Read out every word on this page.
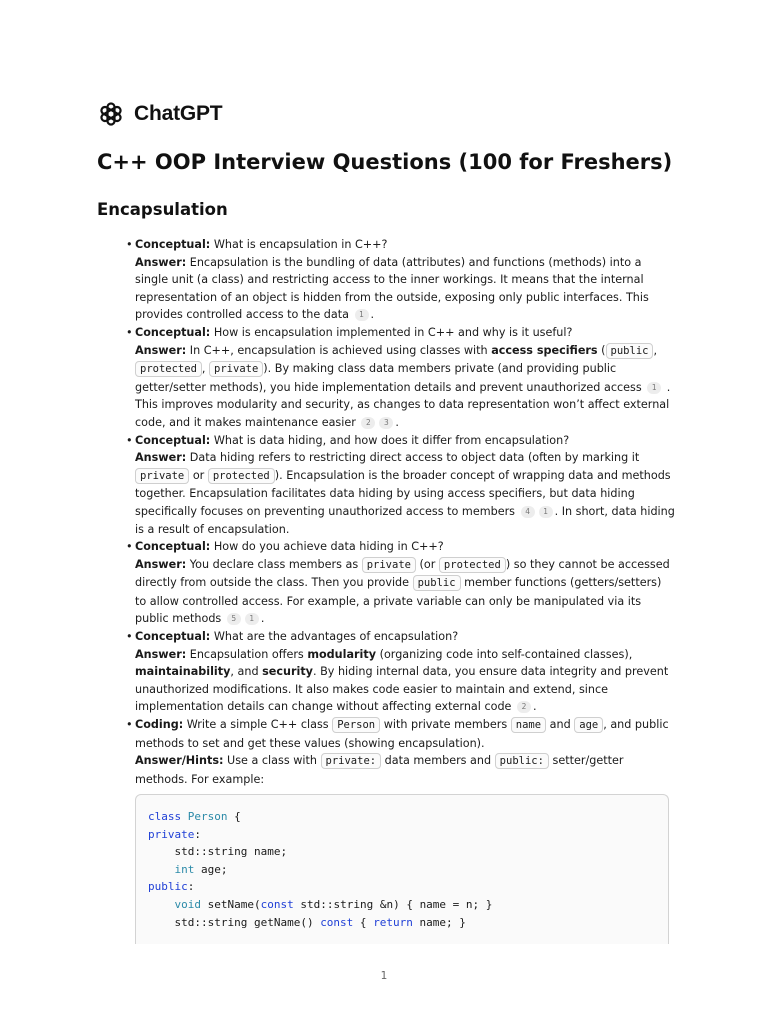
ChatGPT
C++ OOP Interview Questions (100 for Freshers)
Encapsulation
• Conceptual: What is encapsulation in C++?
Answer: Encapsulation is the bundling of data (attributes) and functions (methods) into a single unit (a class) and restricting access to the inner workings. It means that the internal representation of an object is hidden from the outside, exposing only public interfaces. This provides controlled access to the data 1 .
• Conceptual: How is encapsulation implemented in C++ and why is it useful?
Answer: In C++, encapsulation is achieved using classes with access specifiers ( public , protected , private ). By making class data members private (and providing public getter/setter methods), you hide implementation details and prevent unauthorized access 1 . This improves modularity and security, as changes to data representation won’t affect external code, and it makes maintenance easier 2 3 .
• Conceptual: What is data hiding, and how does it differ from encapsulation?
Answer: Data hiding refers to restricting direct access to object data (often by marking it private or protected ). Encapsulation is the broader concept of wrapping data and methods together. Encapsulation facilitates data hiding by using access specifiers, but data hiding specifically focuses on preventing unauthorized access to members 4 1 . In short, data hiding is a result of encapsulation.
• Conceptual: How do you achieve data hiding in C++?
Answer: You declare class members as private (or protected ) so they cannot be accessed directly from outside the class. Then you provide public member functions (getters/setters) to allow controlled access. For example, a private variable can only be manipulated via its public methods 5 1 .
• Conceptual: What are the advantages of encapsulation?
Answer: Encapsulation offers modularity (organizing code into self-contained classes), maintainability, and security. By hiding internal data, you ensure data integrity and prevent unauthorized modifications. It also makes code easier to maintain and extend, since implementation details can change without affecting external code 2 .
• Coding: Write a simple C++ class Person with private members name and age , and public methods to set and get these values (showing encapsulation).
Answer/Hints: Use a class with private: data members and public: setter/getter methods. For example:
class Person {
private:
std::string name;
int age;
public:
void setName(const std::string &n) { name = n; }
std::string getName() const { return name; }
1
